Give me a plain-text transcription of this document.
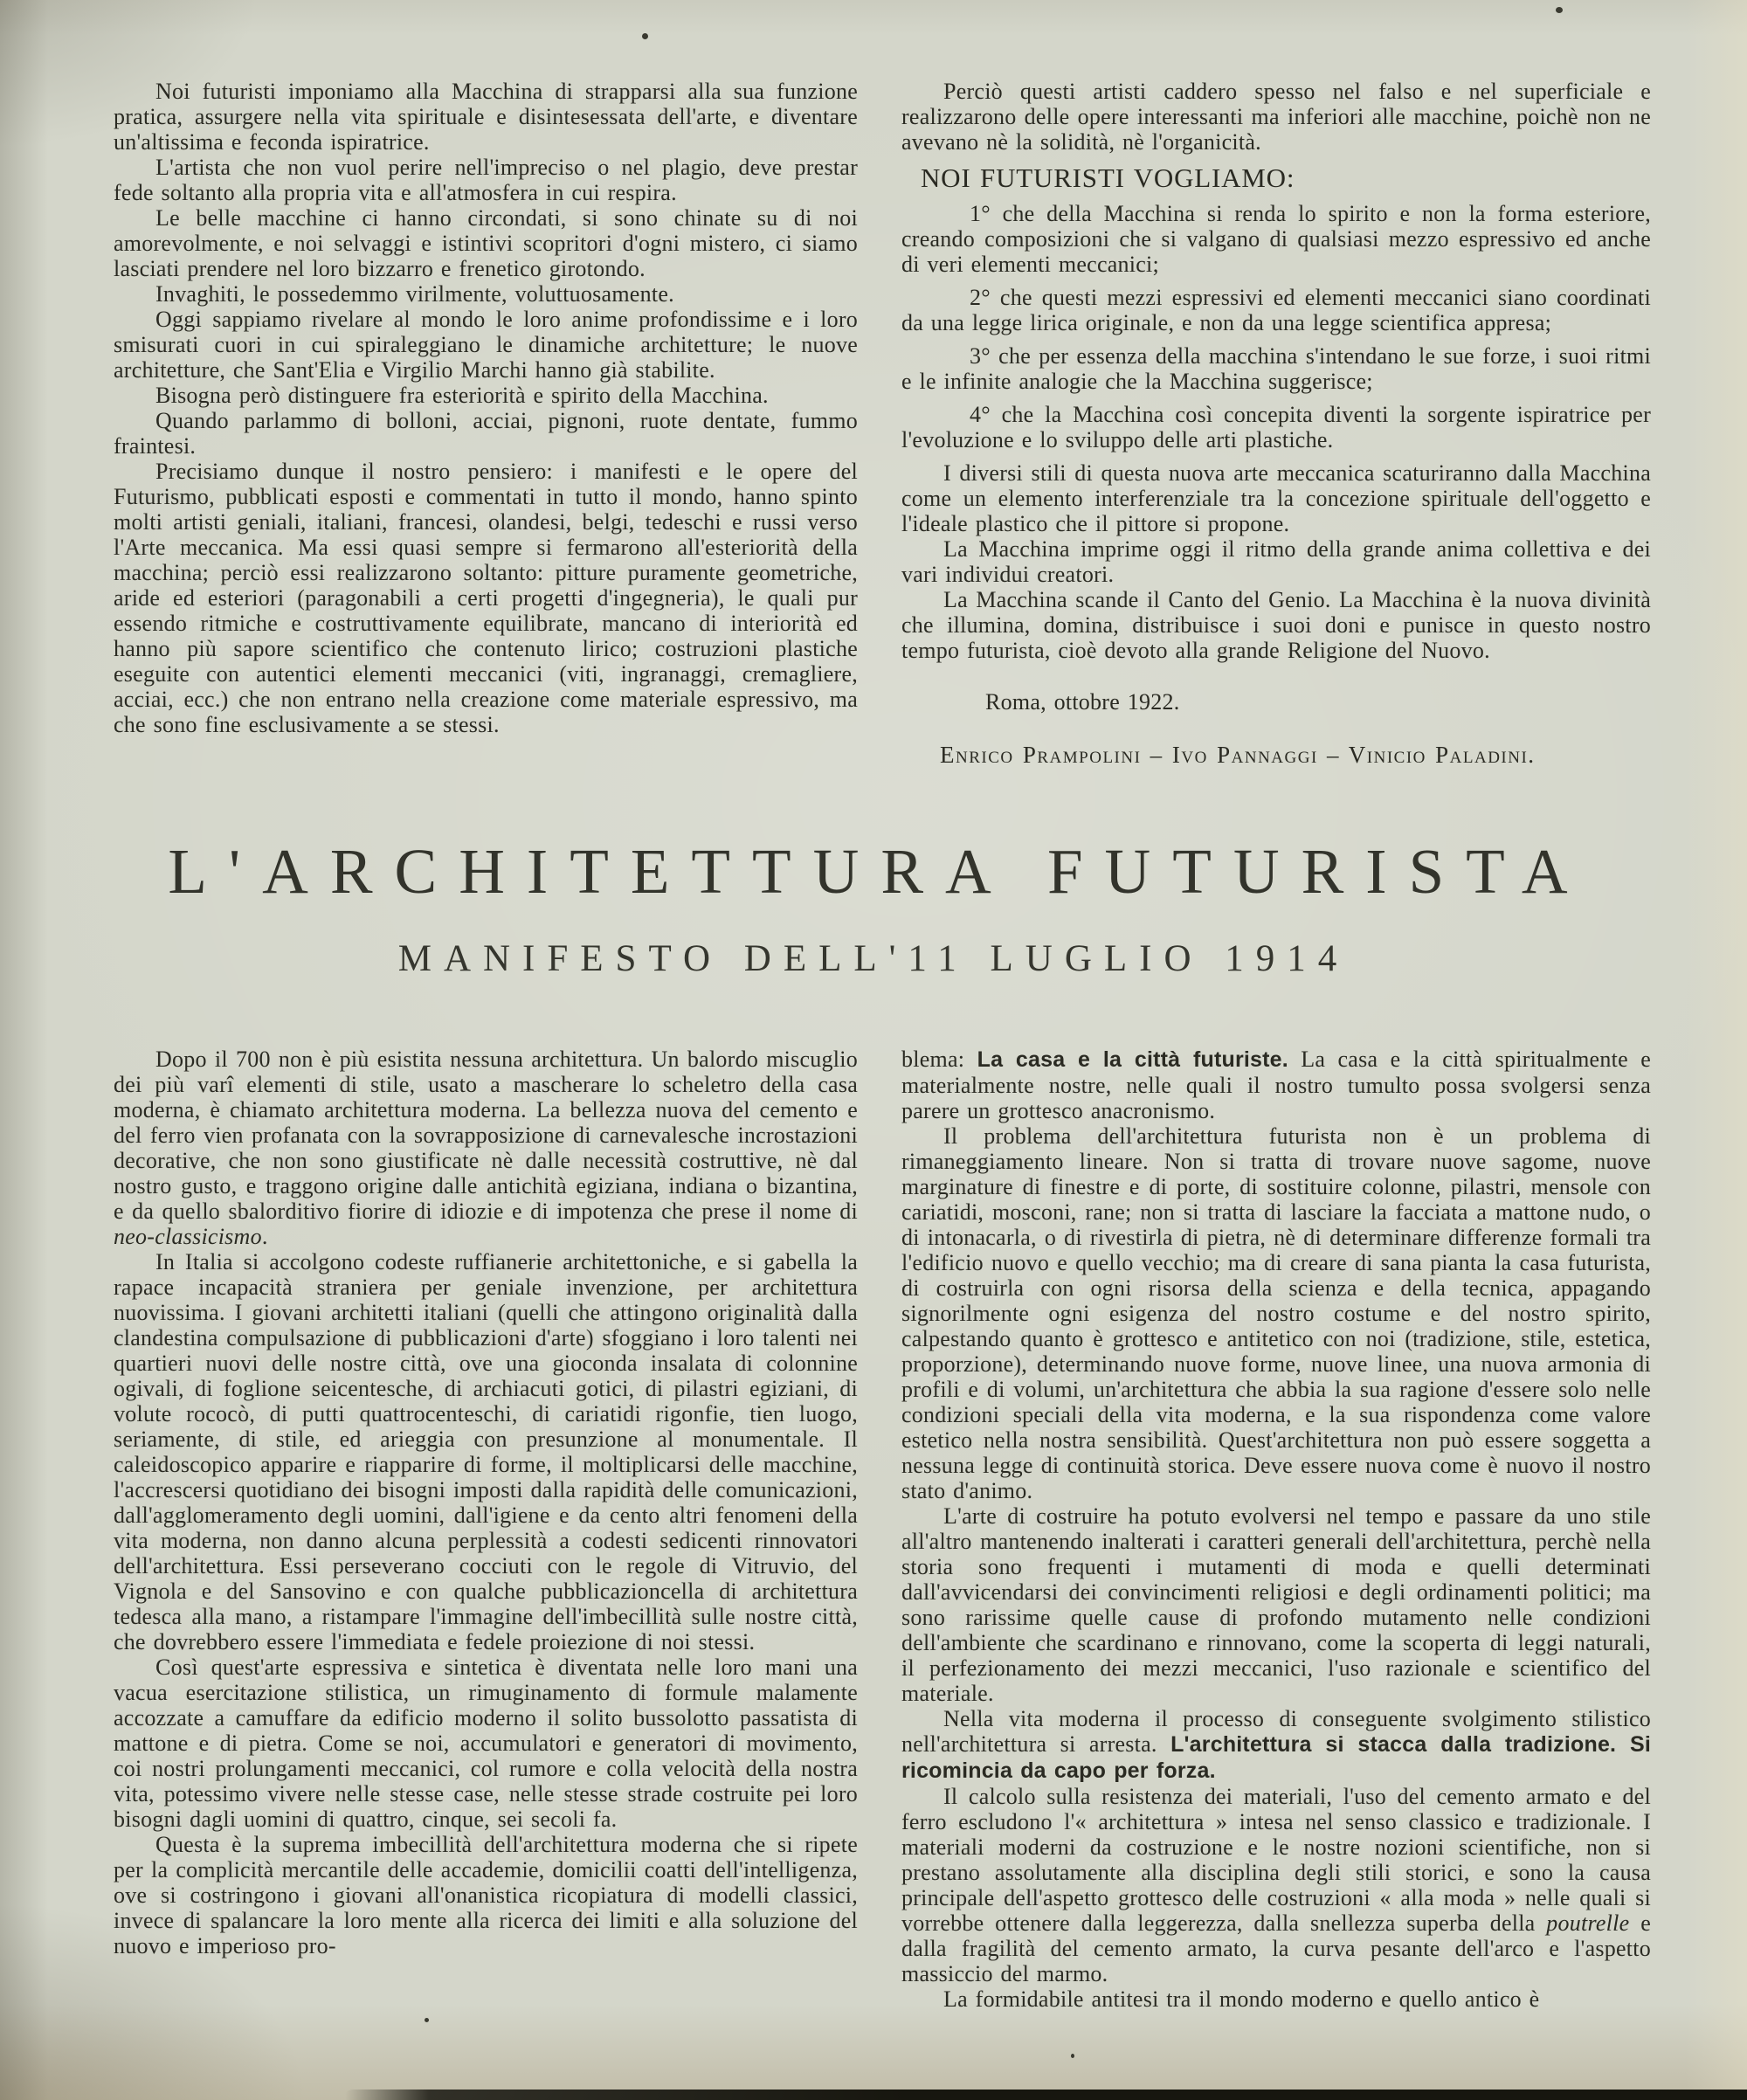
Noi futuristi imponiamo alla Macchina di strapparsi alla sua funzione pratica, assurgere nella vita spirituale e disintesessata dell'arte, e diventare un'altissima e feconda ispiratrice.

L'artista che non vuol perire nell'impreciso o nel plagio, deve prestar fede soltanto alla propria vita e all'atmosfera in cui respira.

Le belle macchine ci hanno circondati, si sono chinate su di noi amorevolmente, e noi selvaggi e istintivi scopritori d'ogni mistero, ci siamo lasciati prendere nel loro bizzarro e frenetico girotondo.

Invaghiti, le possedemmo virilmente, voluttuosamente.

Oggi sappiamo rivelare al mondo le loro anime profondissime e i loro smisurati cuori in cui spiraleggiano le dinamiche architetture; le nuove architetture, che Sant'Elia e Virgilio Marchi hanno già stabilite.

Bisogna però distinguere fra esteriorità e spirito della Macchina.

Quando parlammo di bolloni, acciai, pignoni, ruote dentate, fummo fraintesi.

Precisiamo dunque il nostro pensiero: i manifesti e le opere del Futurismo, pubblicati esposti e commentati in tutto il mondo, hanno spinto molti artisti geniali, italiani, francesi, olandesi, belgi, tedeschi e russi verso l'Arte meccanica. Ma essi quasi sempre si fermarono all'esteriorità della macchina; perciò essi realizzarono soltanto: pitture puramente geometriche, aride ed esteriori (paragonabili a certi progetti d'ingegneria), le quali pur essendo ritmiche e costruttivamente equilibrate, mancano di interiorità ed hanno più sapore scientifico che contenuto lirico; costruzioni plastiche eseguite con autentici elementi meccanici (viti, ingranaggi, cremagliere, acciai, ecc.) che non entrano nella creazione come materiale espressivo, ma che sono fine esclusivamente a se stessi.

Perciò questi artisti caddero spesso nel falso e nel superficiale e realizzarono delle opere interessanti ma inferiori alle macchine, poichè non ne avevano nè la solidità, nè l'organicità.

NOI FUTURISTI VOGLIAMO:

1° che della Macchina si renda lo spirito e non la forma esteriore, creando composizioni che si valgano di qualsiasi mezzo espressivo ed anche di veri elementi meccanici;

2° che questi mezzi espressivi ed elementi meccanici siano coordinati da una legge lirica originale, e non da una legge scientifica appresa;

3° che per essenza della macchina s'intendano le sue forze, i suoi ritmi e le infinite analogie che la Macchina suggerisce;

4° che la Macchina così concepita diventi la sorgente ispiratrice per l'evoluzione e lo sviluppo delle arti plastiche.

I diversi stili di questa nuova arte meccanica scaturiranno dalla Macchina come un elemento interferenziale tra la concezione spirituale dell'oggetto e l'ideale plastico che il pittore si propone.

La Macchina imprime oggi il ritmo della grande anima collettiva e dei vari individui creatori.

La Macchina scande il Canto del Genio. La Macchina è la nuova divinità che illumina, domina, distribuisce i suoi doni e punisce in questo nostro tempo futurista, cioè devoto alla grande Religione del Nuovo.

Roma, ottobre 1922.

Enrico Prampolini – Ivo Pannaggi – Vinicio Paladini.

L'ARCHITETTURA FUTURISTA
MANIFESTO DELL'11 LUGLIO 1914

Dopo il 700 non è più esistita nessuna architettura. Un balordo miscuglio dei più varî elementi di stile, usato a mascherare lo scheletro della casa moderna, è chiamato architettura moderna. La bellezza nuova del cemento e del ferro vien profanata con la sovrapposizione di carnevalesche incrostazioni decorative, che non sono giustificate nè dalle necessità costruttive, nè dal nostro gusto, e traggono origine dalle antichità egiziana, indiana o bizantina, e da quello sbalorditivo fiorire di idiozie e di impotenza che prese il nome di neo-classicismo.

In Italia si accolgono codeste ruffianerie architettoniche, e si gabella la rapace incapacità straniera per geniale invenzione, per architettura nuovissima. I giovani architetti italiani (quelli che attingono originalità dalla clandestina compulsazione di pubblicazioni d'arte) sfoggiano i loro talenti nei quartieri nuovi delle nostre città, ove una gioconda insalata di colonnine ogivali, di foglione seicentesche, di archiacuti gotici, di pilastri egiziani, di volute rococò, di putti quattrocenteschi, di cariatidi rigonfie, tien luogo, seriamente, di stile, ed arieggia con presunzione al monumentale. Il caleidoscopico apparire e riapparire di forme, il moltiplicarsi delle macchine, l'accrescersi quotidiano dei bisogni imposti dalla rapidità delle comunicazioni, dall'agglomeramento degli uomini, dall'igiene e da cento altri fenomeni della vita moderna, non danno alcuna perplessità a codesti sedicenti rinnovatori dell'architettura. Essi perseverano cocciuti con le regole di Vitruvio, del Vignola e del Sansovino e con qualche pubblicazioncella di architettura tedesca alla mano, a ristampare l'immagine dell'imbecillità sulle nostre città, che dovrebbero essere l'immediata e fedele proiezione di noi stessi.

Così quest'arte espressiva e sintetica è diventata nelle loro mani una vacua esercitazione stilistica, un rimuginamento di formule malamente accozzate a camuffare da edificio moderno il solito bussolotto passatista di mattone e di pietra. Come se noi, accumulatori e generatori di movimento, coi nostri prolungamenti meccanici, col rumore e colla velocità della nostra vita, potessimo vivere nelle stesse case, nelle stesse strade costruite pei loro bisogni dagli uomini di quattro, cinque, sei secoli fa.

Questa è la suprema imbecillità dell'architettura moderna che si ripete per la complicità mercantile delle accademie, domicilii coatti dell'intelligenza, ove si costringono i giovani all'onanistica ricopiatura di modelli classici, invece di spalancare la loro mente alla ricerca dei limiti e alla soluzione del nuovo e imperioso pro-

blema: La casa e la città futuriste. La casa e la città spiritualmente e materialmente nostre, nelle quali il nostro tumulto possa svolgersi senza parere un grottesco anacronismo.

Il problema dell'architettura futurista non è un problema di rimaneggiamento lineare. Non si tratta di trovare nuove sagome, nuove marginature di finestre e di porte, di sostituire colonne, pilastri, mensole con cariatidi, mosconi, rane; non si tratta di lasciare la facciata a mattone nudo, o di intonacarla, o di rivestirla di pietra, nè di determinare differenze formali tra l'edificio nuovo e quello vecchio; ma di creare di sana pianta la casa futurista, di costruirla con ogni risorsa della scienza e della tecnica, appagando signorilmente ogni esigenza del nostro costume e del nostro spirito, calpestando quanto è grottesco e antitetico con noi (tradizione, stile, estetica, proporzione), determinando nuove forme, nuove linee, una nuova armonia di profili e di volumi, un'architettura che abbia la sua ragione d'essere solo nelle condizioni speciali della vita moderna, e la sua rispondenza come valore estetico nella nostra sensibilità. Quest'architettura non può essere soggetta a nessuna legge di continuità storica. Deve essere nuova come è nuovo il nostro stato d'animo.

L'arte di costruire ha potuto evolversi nel tempo e passare da uno stile all'altro mantenendo inalterati i caratteri generali dell'architettura, perchè nella storia sono frequenti i mutamenti di moda e quelli determinati dall'avvicendarsi dei convincimenti religiosi e degli ordinamenti politici; ma sono rarissime quelle cause di profondo mutamento nelle condizioni dell'ambiente che scardinano e rinnovano, come la scoperta di leggi naturali, il perfezionamento dei mezzi meccanici, l'uso razionale e scientifico del materiale.

Nella vita moderna il processo di conseguente svolgimento stilistico nell'architettura si arresta. L'architettura si stacca dalla tradizione. Si ricomincia da capo per forza.

Il calcolo sulla resistenza dei materiali, l'uso del cemento armato e del ferro escludono l'« architettura » intesa nel senso classico e tradizionale. I materiali moderni da costruzione e le nostre nozioni scientifiche, non si prestano assolutamente alla disciplina degli stili storici, e sono la causa principale dell'aspetto grottesco delle costruzioni « alla moda » nelle quali si vorrebbe ottenere dalla leggerezza, dalla snellezza superba della poutrelle e dalla fragilità del cemento armato, la curva pesante dell'arco e l'aspetto massiccio del marmo.

La formidabile antitesi tra il mondo moderno e quello antico è
